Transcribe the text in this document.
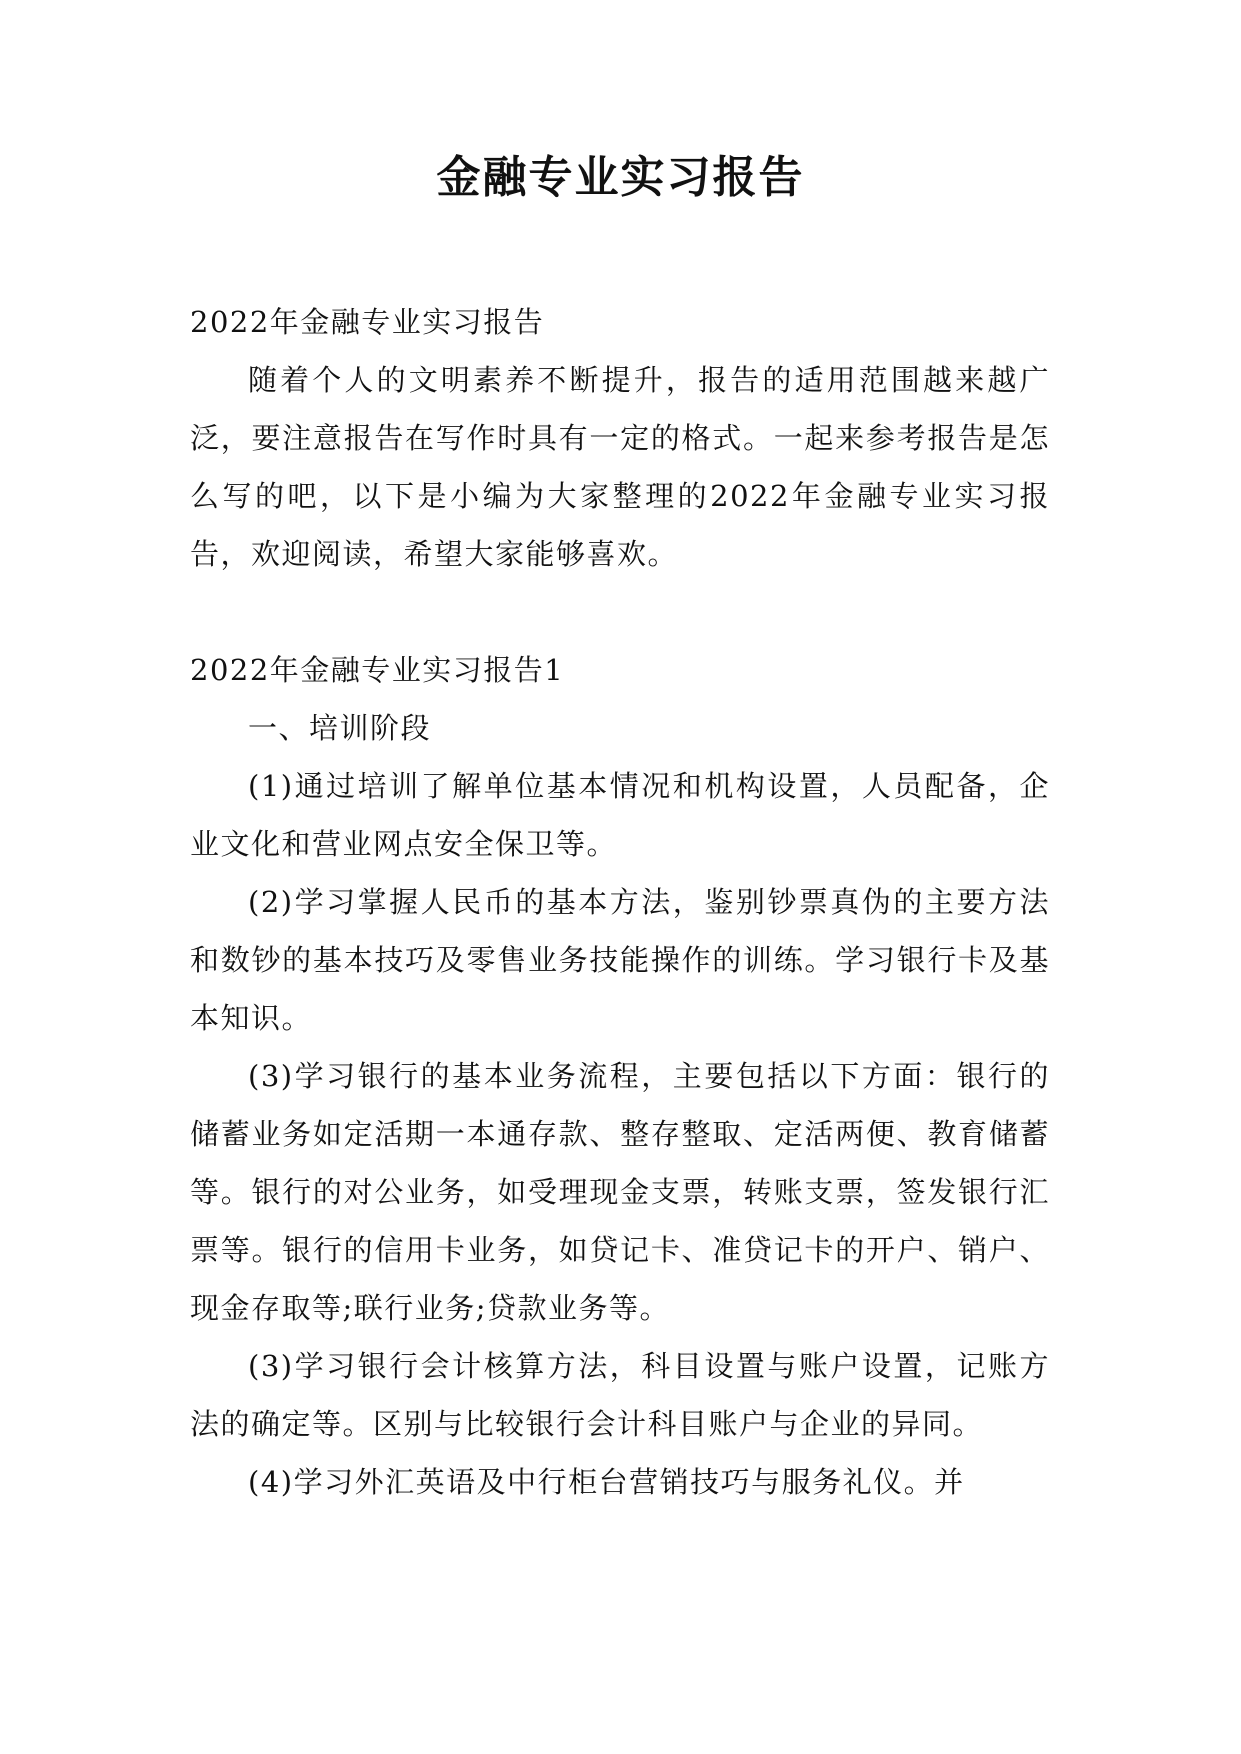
金融专业实习报告

2022年金融专业实习报告

随着个人的文明素养不断提升，报告的适用范围越来越广泛，要注意报告在写作时具有一定的格式。一起来参考报告是怎么写的吧，以下是小编为大家整理的2022年金融专业实习报告，欢迎阅读，希望大家能够喜欢。

2022年金融专业实习报告1

一、培训阶段

(1)通过培训了解单位基本情况和机构设置，人员配备，企业文化和营业网点安全保卫等。

(2)学习掌握人民币的基本方法，鉴别钞票真伪的主要方法和数钞的基本技巧及零售业务技能操作的训练。学习银行卡及基本知识。

(3)学习银行的基本业务流程，主要包括以下方面：银行的储蓄业务如定活期一本通存款、整存整取、定活两便、教育储蓄等。银行的对公业务，如受理现金支票，转账支票，签发银行汇票等。银行的信用卡业务，如贷记卡、准贷记卡的开户、销户、现金存取等;联行业务;贷款业务等。

(3)学习银行会计核算方法，科目设置与账户设置，记账方法的确定等。区别与比较银行会计科目账户与企业的异同。

(4)学习外汇英语及中行柜台营销技巧与服务礼仪。并
